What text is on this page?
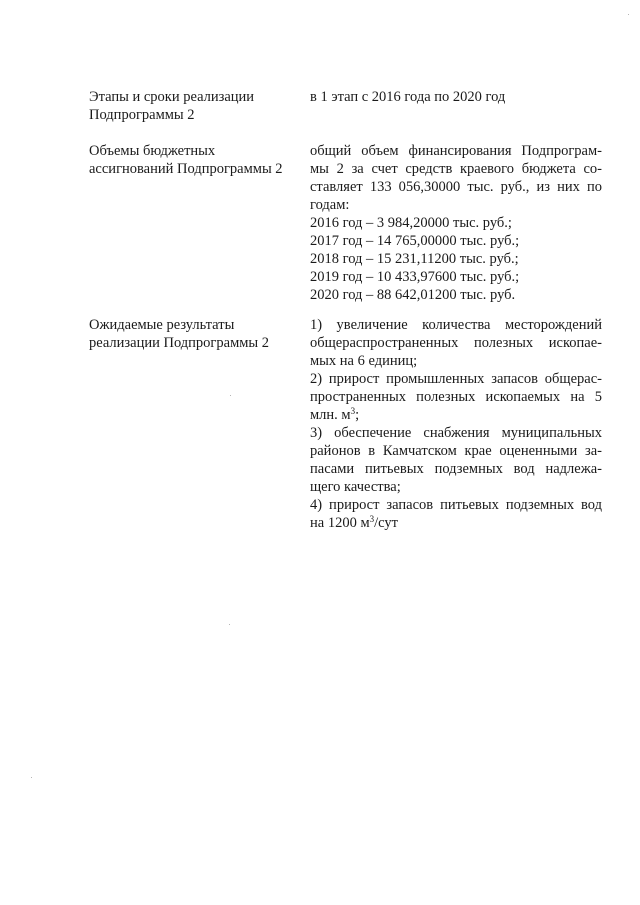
Этапы и сроки реализации
Подпрограммы 2
в 1 этап с 2016 года по 2020 год
Объемы бюджетных
ассигнований Подпрограммы 2
общий объем финансирования Подпрограм-
мы 2 за счет средств краевого бюджета со-
ставляет 133 056,30000 тыс. руб., из них по
годам:
2016 год – 3 984,20000 тыс. руб.;
2017 год – 14 765,00000 тыс. руб.;
2018 год – 15 231,11200 тыс. руб.;
2019 год – 10 433,97600 тыс. руб.;
2020 год – 88 642,01200 тыс. руб.
Ожидаемые результаты
реализации Подпрограммы 2
1) увеличение количества месторождений
общераспространенных полезных ископае-
мых на 6 единиц;
2) прирост промышленных запасов общерас-
пространенных полезных ископаемых на 5
млн. $м^3$;
3) обеспечение снабжения муниципальных
районов в Камчатском крае оцененными за-
пасами питьевых подземных вод надлежа-
щего качества;
4) прирост запасов питьевых подземных вод
на 1200 $м^3$/сут
